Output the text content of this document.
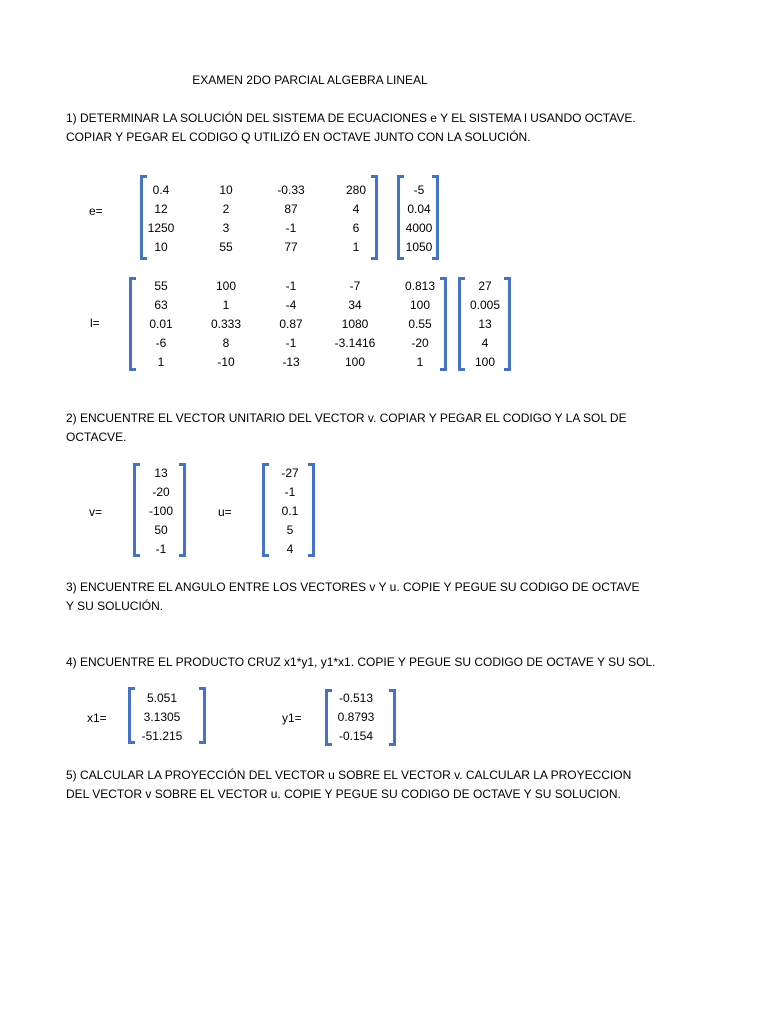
EXAMEN 2DO PARCIAL ALGEBRA LINEAL
1) DETERMINAR LA SOLUCIÓN DEL SISTEMA DE ECUACIONES e Y EL SISTEMA l USANDO OCTAVE.
COPIAR Y PEGAR EL CODIGO Q UTILIZÓ EN OCTAVE JUNTO CON LA SOLUCIÓN.
e=
0.4
12
1250
10
10
2
3
55
-0.33
87
-1
77
280
4
6
1
-5
0.04
4000
1050
l=
55
63
0.01
-6
1
100
1
0.333
8
-10
-1
-4
0.87
-1
-13
-7
34
1080
-3.1416
100
0.813
100
0.55
-20
1
27
0.005
13
4
100
2) ENCUENTRE EL VECTOR UNITARIO DEL VECTOR v. COPIAR Y PEGAR EL CODIGO Y LA SOL DE
OCTACVE.
v=
13
-20
-100
50
-1
u=
-27
-1
0.1
5
4
3) ENCUENTRE EL ANGULO ENTRE LOS VECTORES v Y u. COPIE Y PEGUE SU CODIGO DE OCTAVE
Y SU SOLUCIÓN.
4) ENCUENTRE EL PRODUCTO CRUZ x1*y1, y1*x1. COPIE Y PEGUE SU CODIGO DE OCTAVE Y SU SOL.
x1=
5.051
3.1305
-51.215
y1=
-0.513
0.8793
-0.154
5) CALCULAR LA PROYECCIÓN DEL VECTOR u SOBRE EL VECTOR v. CALCULAR LA PROYECCION
DEL VECTOR v SOBRE EL VECTOR u. COPIE Y PEGUE SU CODIGO DE OCTAVE Y SU SOLUCION.
